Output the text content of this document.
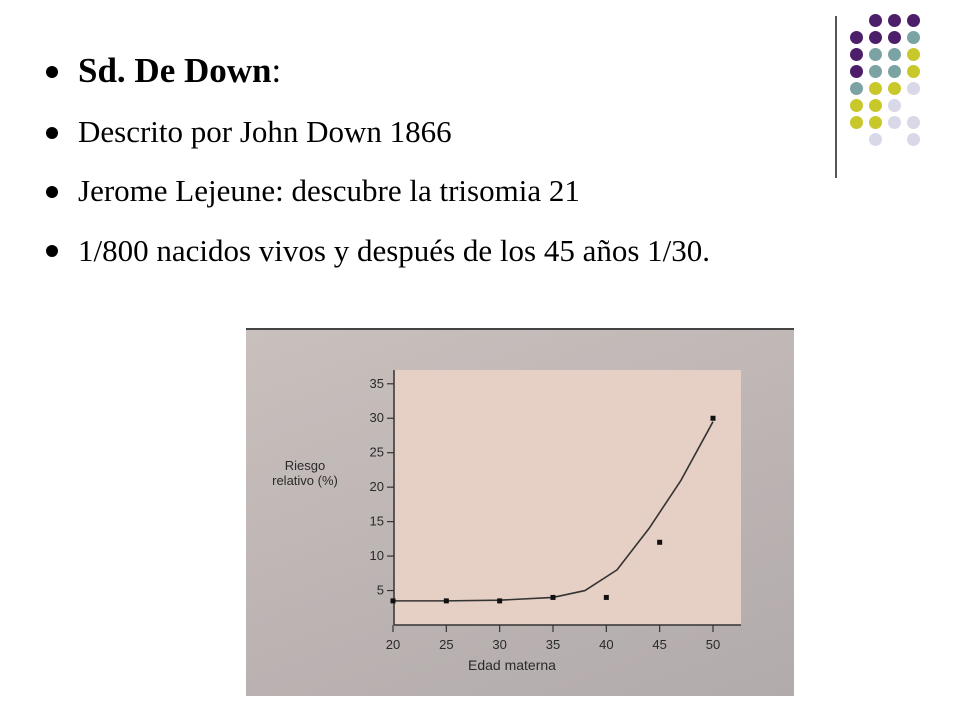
Sd. De Down:
Descrito por John Down 1866
Jerome Lejeune: descubre la trisomia 21
1/800 nacidos vivos y después de los 45 años 1/30.
5
10
15
20
25
30
35
20	25	30	35	40	45	50
Riesgo relativo (%)
Edad materna
